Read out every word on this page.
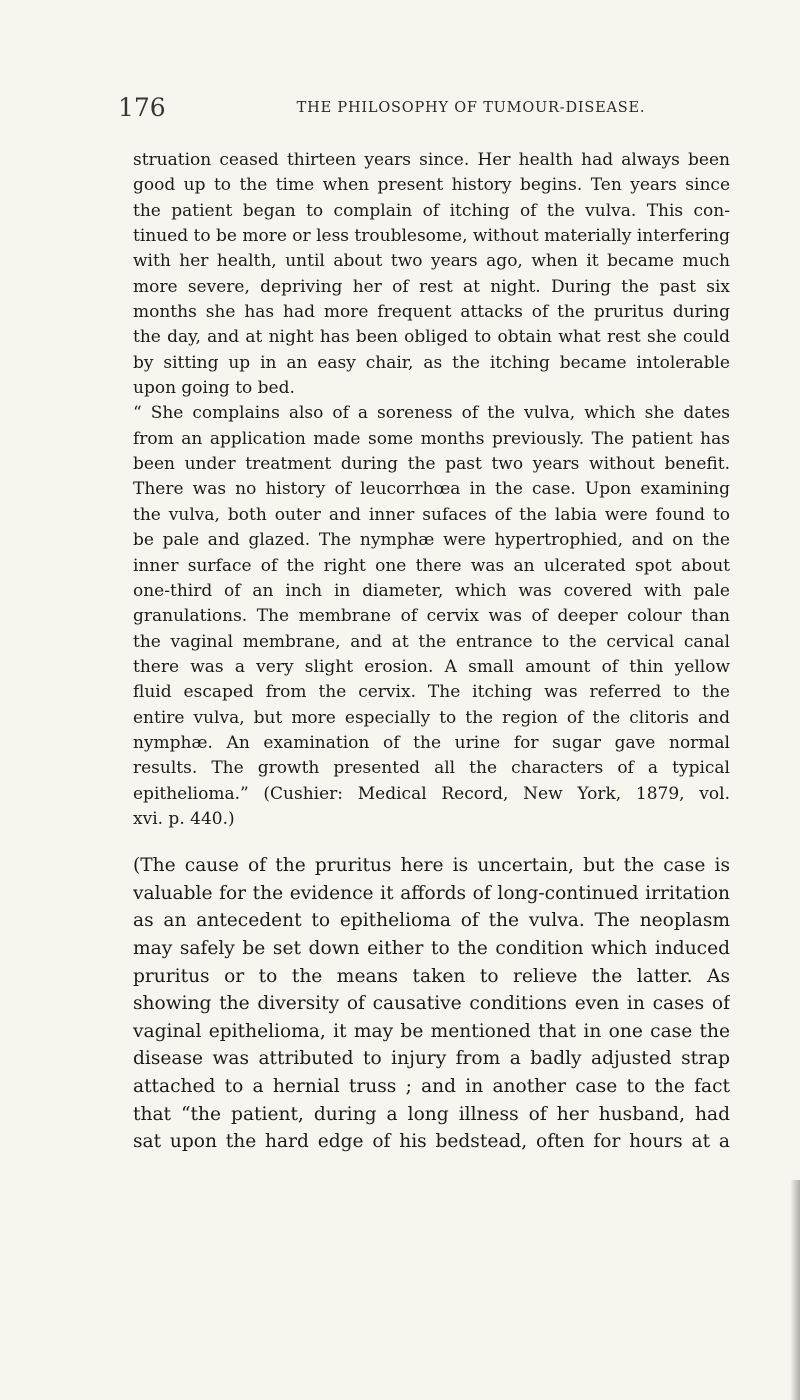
176	THE PHILOSOPHY OF TUMOUR-DISEASE.
struation ceased thirteen years since. Her health had always been
good up to the time when present history begins. Ten years since
the patient began to complain of itching of the vulva. This con-
tinued to be more or less troublesome, without materially interfering
with her health, until about two years ago, when it became much
more severe, depriving her of rest at night. During the past six
months she has had more frequent attacks of the pruritus during
the day, and at night has been obliged to obtain what rest she could
by sitting up in an easy chair, as the itching became intolerable
upon going to bed.
“ She complains also of a soreness of the vulva, which she dates
from an application made some months previously. The patient has
been under treatment during the past two years without benefit.
There was no history of leucorrhœa in the case. Upon examining
the vulva, both outer and inner sufaces of the labia were found to
be pale and glazed. The nymphæ were hypertrophied, and on the
inner surface of the right one there was an ulcerated spot about
one-third of an inch in diameter, which was covered with pale
granulations. The membrane of cervix was of deeper colour than
the vaginal membrane, and at the entrance to the cervical canal
there was a very slight erosion. A small amount of thin yellow
fluid escaped from the cervix. The itching was referred to the
entire vulva, but more especially to the region of the clitoris and
nymphæ. An examination of the urine for sugar gave normal
results. The growth presented all the characters of a typical
epithelioma.” (Cushier: Medical Record, New York, 1879, vol.
xvi. p. 440.)
(The cause of the pruritus here is uncertain, but the case is
valuable for the evidence it affords of long-continued irritation
as an antecedent to epithelioma of the vulva. The neoplasm
may safely be set down either to the condition which induced
pruritus or to the means taken to relieve the latter. As
showing the diversity of causative conditions even in cases of
vaginal epithelioma, it may be mentioned that in one case the
disease was attributed to injury from a badly adjusted strap
attached to a hernial truss ; and in another case to the fact
that “the patient, during a long illness of her husband, had
sat upon the hard edge of his bedstead, often for hours at a
